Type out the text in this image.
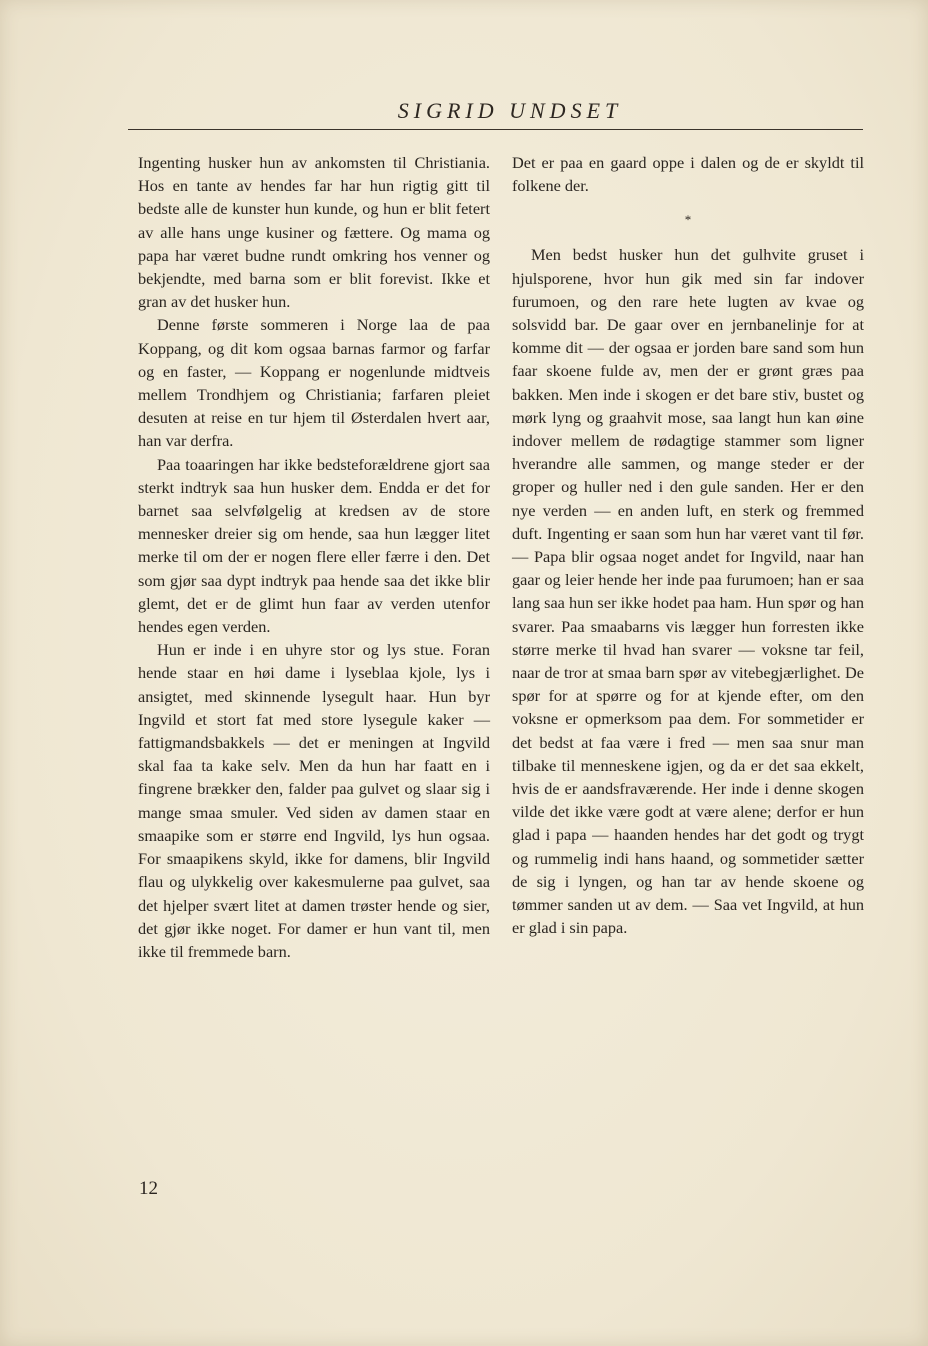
SIGRID UNDSET

Ingenting husker hun av ankomsten til Christiania. Hos en tante av hendes far har hun rigtig gitt til bedste alle de kunster hun kunde, og hun er blit fetert av alle hans unge kusiner og fættere. Og mama og papa har været budne rundt omkring hos venner og bekjendte, med barna som er blit forevist. Ikke et gran av det husker hun.

Denne første sommeren i Norge laa de paa Koppang, og dit kom ogsaa barnas farmor og farfar og en faster, — Koppang er nogenlunde midtveis mellem Trondhjem og Christiania; farfaren pleiet desuten at reise en tur hjem til Østerdalen hvert aar, han var derfra.

Paa toaaringen har ikke bedsteforældrene gjort saa sterkt indtryk saa hun husker dem. Endda er det for barnet saa selvfølgelig at kredsen av de store mennesker dreier sig om hende, saa hun lægger litet merke til om der er nogen flere eller færre i den. Det som gjør saa dypt indtryk paa hende saa det ikke blir glemt, det er de glimt hun faar av verden utenfor hendes egen verden.

Hun er inde i en uhyre stor og lys stue. Foran hende staar en høi dame i lyseblaa kjole, lys i ansigtet, med skinnende lysegult haar. Hun byr Ingvild et stort fat med store lysegule kaker — fattigmandsbakkels — det er meningen at Ingvild skal faa ta kake selv. Men da hun har faatt en i fingrene brækker den, falder paa gulvet og slaar sig i mange smaa smuler. Ved siden av damen staar en smaapike som er større end Ingvild, lys hun ogsaa. For smaapikens skyld, ikke for damens, blir Ingvild flau og ulykkelig over kakesmulerne paa gulvet, saa det hjelper svært litet at damen trøster hende og sier, det gjør ikke noget. For damer er hun vant til, men ikke til fremmede barn.

Det er paa en gaard oppe i dalen og de er skyldt til folkene der.

*

Men bedst husker hun det gulhvite gruset i hjulsporene, hvor hun gik med sin far indover furumoen, og den rare hete lugten av kvae og solsvidd bar. De gaar over en jernbanelinje for at komme dit — der ogsaa er jorden bare sand som hun faar skoene fulde av, men der er grønt græs paa bakken. Men inde i skogen er det bare stiv, bustet og mørk lyng og graahvit mose, saa langt hun kan øine indover mellem de rødagtige stammer som ligner hverandre alle sammen, og mange steder er der groper og huller ned i den gule sanden. Her er den nye verden — en anden luft, en sterk og fremmed duft. Ingenting er saan som hun har været vant til før. — Papa blir ogsaa noget andet for Ingvild, naar han gaar og leier hende her inde paa furumoen; han er saa lang saa hun ser ikke hodet paa ham. Hun spør og han svarer. Paa smaabarns vis lægger hun forresten ikke større merke til hvad han svarer — voksne tar feil, naar de tror at smaa barn spør av vitebegjærlighet. De spør for at spørre og for at kjende efter, om den voksne er opmerksom paa dem. For sommetider er det bedst at faa være i fred — men saa snur man tilbake til menneskene igjen, og da er det saa ekkelt, hvis de er aandsfraværende. Her inde i denne skogen vilde det ikke være godt at være alene; derfor er hun glad i papa — haanden hendes har det godt og trygt og rummelig indi hans haand, og sommetider sætter de sig i lyngen, og han tar av hende skoene og tømmer sanden ut av dem. — Saa vet Ingvild, at hun er glad i sin papa.

12
